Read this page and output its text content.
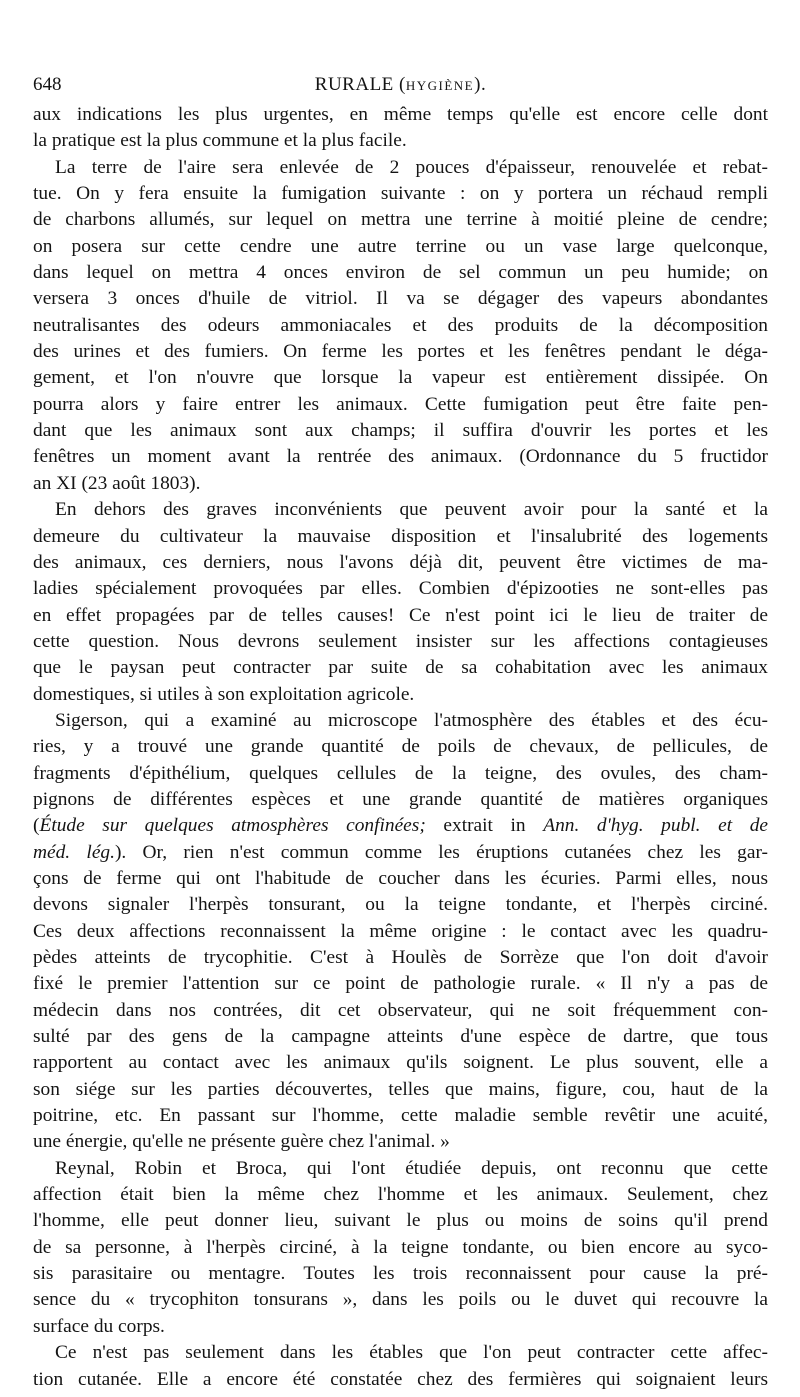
648	RURALE (HYGIÈNE).
aux indications les plus urgentes, en même temps qu'elle est encore celle dont
la pratique est la plus commune et la plus facile.
La terre de l'aire sera enlevée de 2 pouces d'épaisseur, renouvelée et rebat-
tue. On y fera ensuite la fumigation suivante : on y portera un réchaud rempli
de charbons allumés, sur lequel on mettra une terrine à moitié pleine de cendre;
on posera sur cette cendre une autre terrine ou un vase large quelconque,
dans lequel on mettra 4 onces environ de sel commun un peu humide; on
versera 3 onces d'huile de vitriol. Il va se dégager des vapeurs abondantes
neutralisantes des odeurs ammoniacales et des produits de la décomposition
des urines et des fumiers. On ferme les portes et les fenêtres pendant le déga-
gement, et l'on n'ouvre que lorsque la vapeur est entièrement dissipée. On
pourra alors y faire entrer les animaux. Cette fumigation peut être faite pen-
dant que les animaux sont aux champs; il suffira d'ouvrir les portes et les
fenêtres un moment avant la rentrée des animaux. (Ordonnance du 5 fructidor
an XI (23 août 1803).
En dehors des graves inconvénients que peuvent avoir pour la santé et la
demeure du cultivateur la mauvaise disposition et l'insalubrité des logements
des animaux, ces derniers, nous l'avons déjà dit, peuvent être victimes de ma-
ladies spécialement provoquées par elles. Combien d'épizooties ne sont-elles pas
en effet propagées par de telles causes! Ce n'est point ici le lieu de traiter de
cette question. Nous devrons seulement insister sur les affections contagieuses
que le paysan peut contracter par suite de sa cohabitation avec les animaux
domestiques, si utiles à son exploitation agricole.
Sigerson, qui a examiné au microscope l'atmosphère des étables et des écu-
ries, y a trouvé une grande quantité de poils de chevaux, de pellicules, de
fragments d'épithélium, quelques cellules de la teigne, des ovules, des cham-
pignons de différentes espèces et une grande quantité de matières organiques
(Étude sur quelques atmosphères confinées; extrait in Ann. d'hyg. publ. et de
méd. lég.). Or, rien n'est commun comme les éruptions cutanées chez les gar-
çons de ferme qui ont l'habitude de coucher dans les écuries. Parmi elles, nous
devons signaler l'herpès tonsurant, ou la teigne tondante, et l'herpès circiné.
Ces deux affections reconnaissent la même origine : le contact avec les quadru-
pèdes atteints de trycophitie. C'est à Houlès de Sorrèze que l'on doit d'avoir
fixé le premier l'attention sur ce point de pathologie rurale. « Il n'y a pas de
médecin dans nos contrées, dit cet observateur, qui ne soit fréquemment con-
sulté par des gens de la campagne atteints d'une espèce de dartre, que tous
rapportent au contact avec les animaux qu'ils soignent. Le plus souvent, elle a
son siége sur les parties découvertes, telles que mains, figure, cou, haut de la
poitrine, etc. En passant sur l'homme, cette maladie semble revêtir une acuité,
une énergie, qu'elle ne présente guère chez l'animal. »
Reynal, Robin et Broca, qui l'ont étudiée depuis, ont reconnu que cette
affection était bien la même chez l'homme et les animaux. Seulement, chez
l'homme, elle peut donner lieu, suivant le plus ou moins de soins qu'il prend
de sa personne, à l'herpès circiné, à la teigne tondante, ou bien encore au syco-
sis parasitaire ou mentagre. Toutes les trois reconnaissent pour cause la pré-
sence du « trycophiton tonsurans », dans les poils ou le duvet qui recouvre la
surface du corps.
Ce n'est pas seulement dans les étables que l'on peut contracter cette affec-
tion cutanée. Elle a encore été constatée chez des fermières qui soignaient leurs
